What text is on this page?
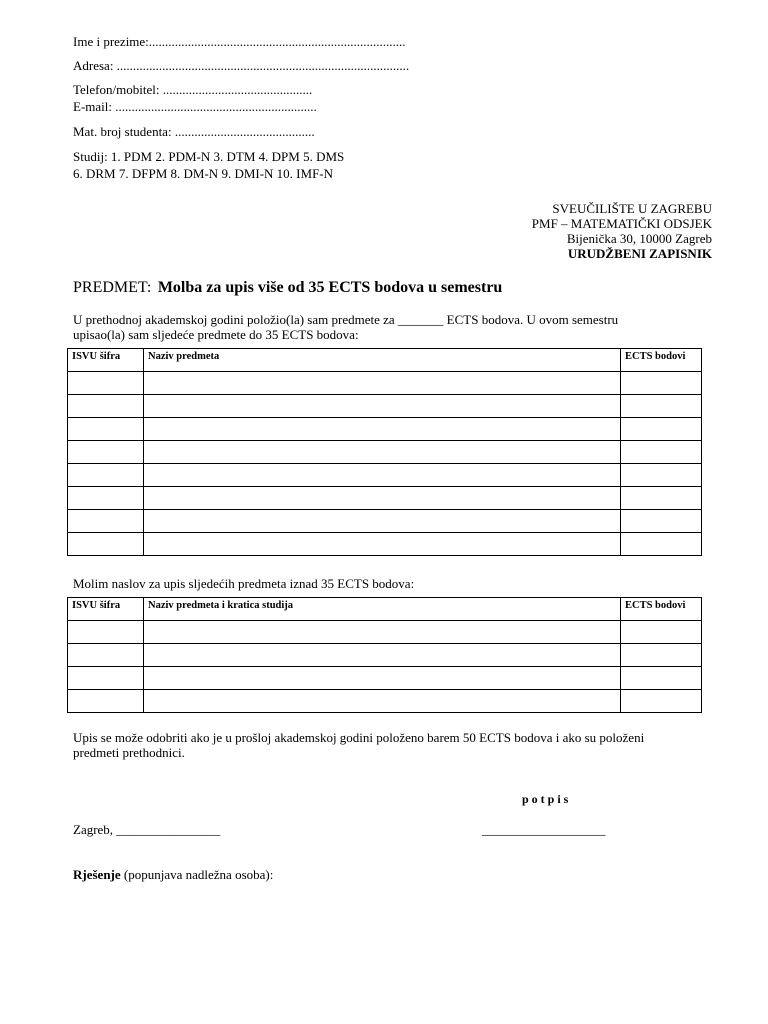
Ime i prezime:...............................................................................
Adresa: ..........................................................................................
Telefon/mobitel: ..............................................
E-mail: ..............................................................
Mat. broj studenta: ...........................................
Studij: 1. PDM 2. PDM-N 3. DTM 4. DPM 5. DMS
6. DRM 7. DFPM 8. DM-N 9. DMI-N 10. IMF-N
SVEUČILIŠTE U ZAGREBU
PMF – MATEMATIČKI ODSJEK
Bijenička 30, 10000 Zagreb
URUDŽBENI ZAPISNIK
PREDMET: Molba za upis više od 35 ECTS bodova u semestru
U prethodnoj akademskoj godini položio(la) sam predmete za _______ ECTS bodova. U ovom semestru
upisao(la) sam sljedeće predmete do 35 ECTS bodova:
ISVU šifra	Naziv predmeta	ECTS bodovi

Molim naslov za upis sljedećih predmeta iznad 35 ECTS bodova:
ISVU šifra	Naziv predmeta i kratica studija	ECTS bodovi

Upis se može odobriti ako je u prošloj akademskoj godini položeno barem 50 ECTS bodova i ako su položeni
predmeti prethodnici.
p o t p i s
Zagreb, ________________	___________________
Rješenje (popunjava nadležna osoba):
